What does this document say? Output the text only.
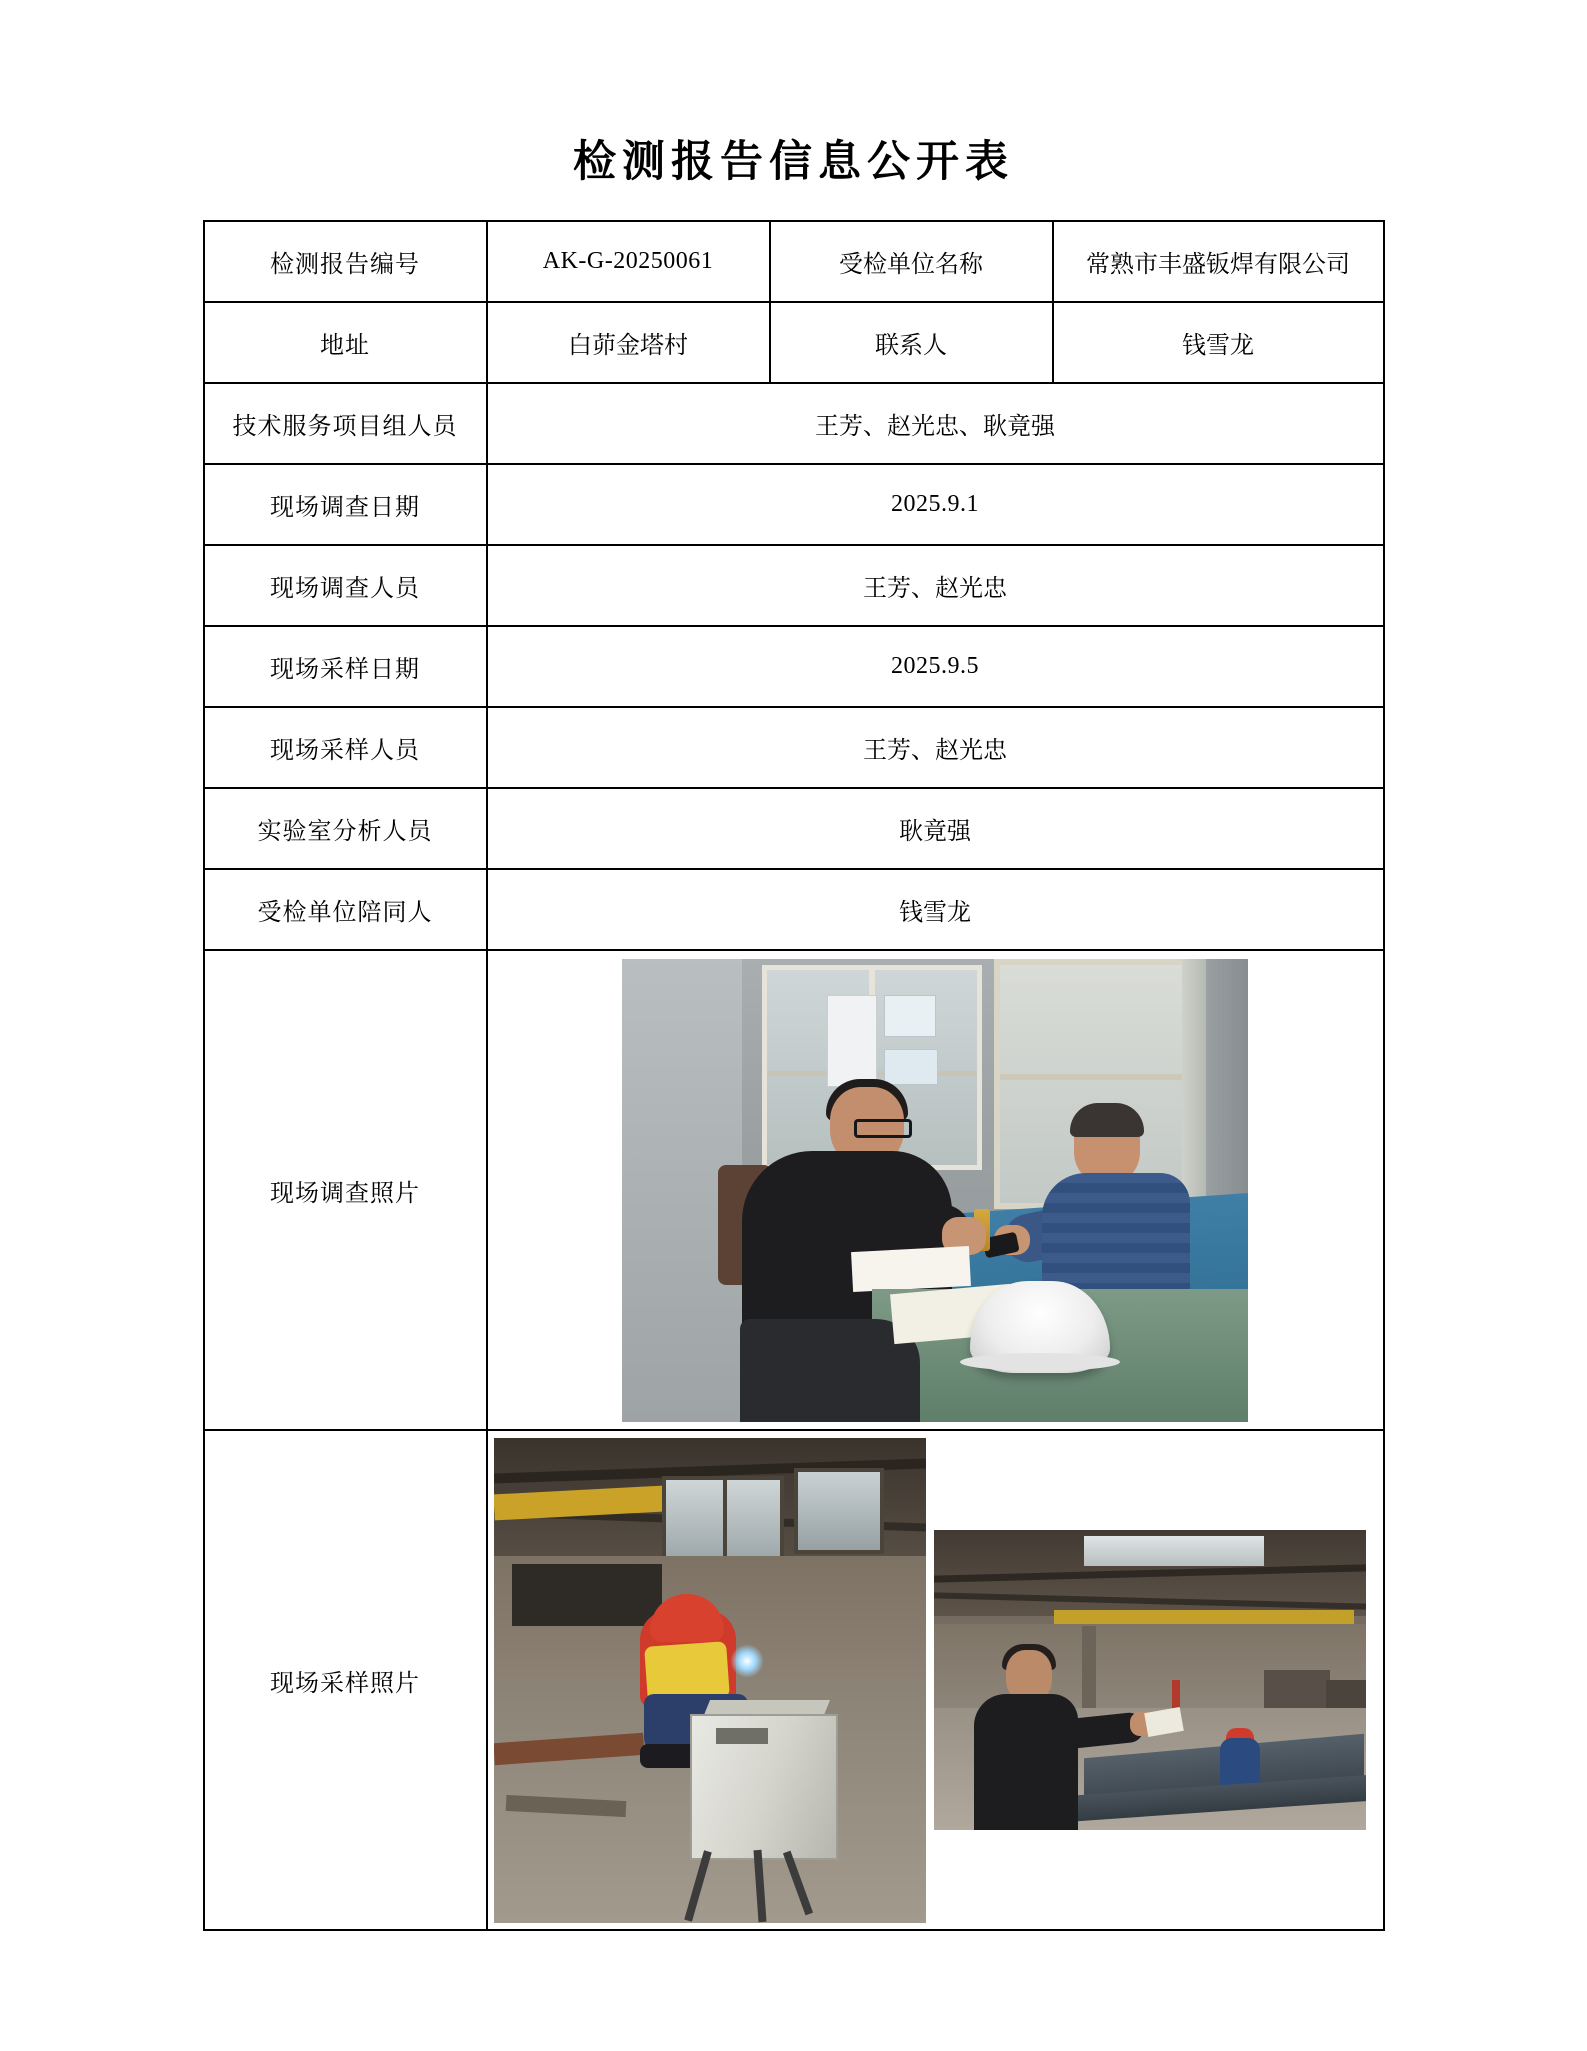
检测报告信息公开表
检测报告编号	AK-G-20250061	受检单位名称	常熟市丰盛钣焊有限公司
地址	白茆金塔村	联系人	钱雪龙
技术服务项目组人员	王芳、赵光忠、耿竟强		
现场调查日期	2025.9.1		
现场调查人员	王芳、赵光忠		
现场采样日期	2025.9.5		
现场采样人员	王芳、赵光忠		
实验室分析人员	耿竟强		
受检单位陪同人	钱雪龙		
现场调查照片			

现场采样照片			
